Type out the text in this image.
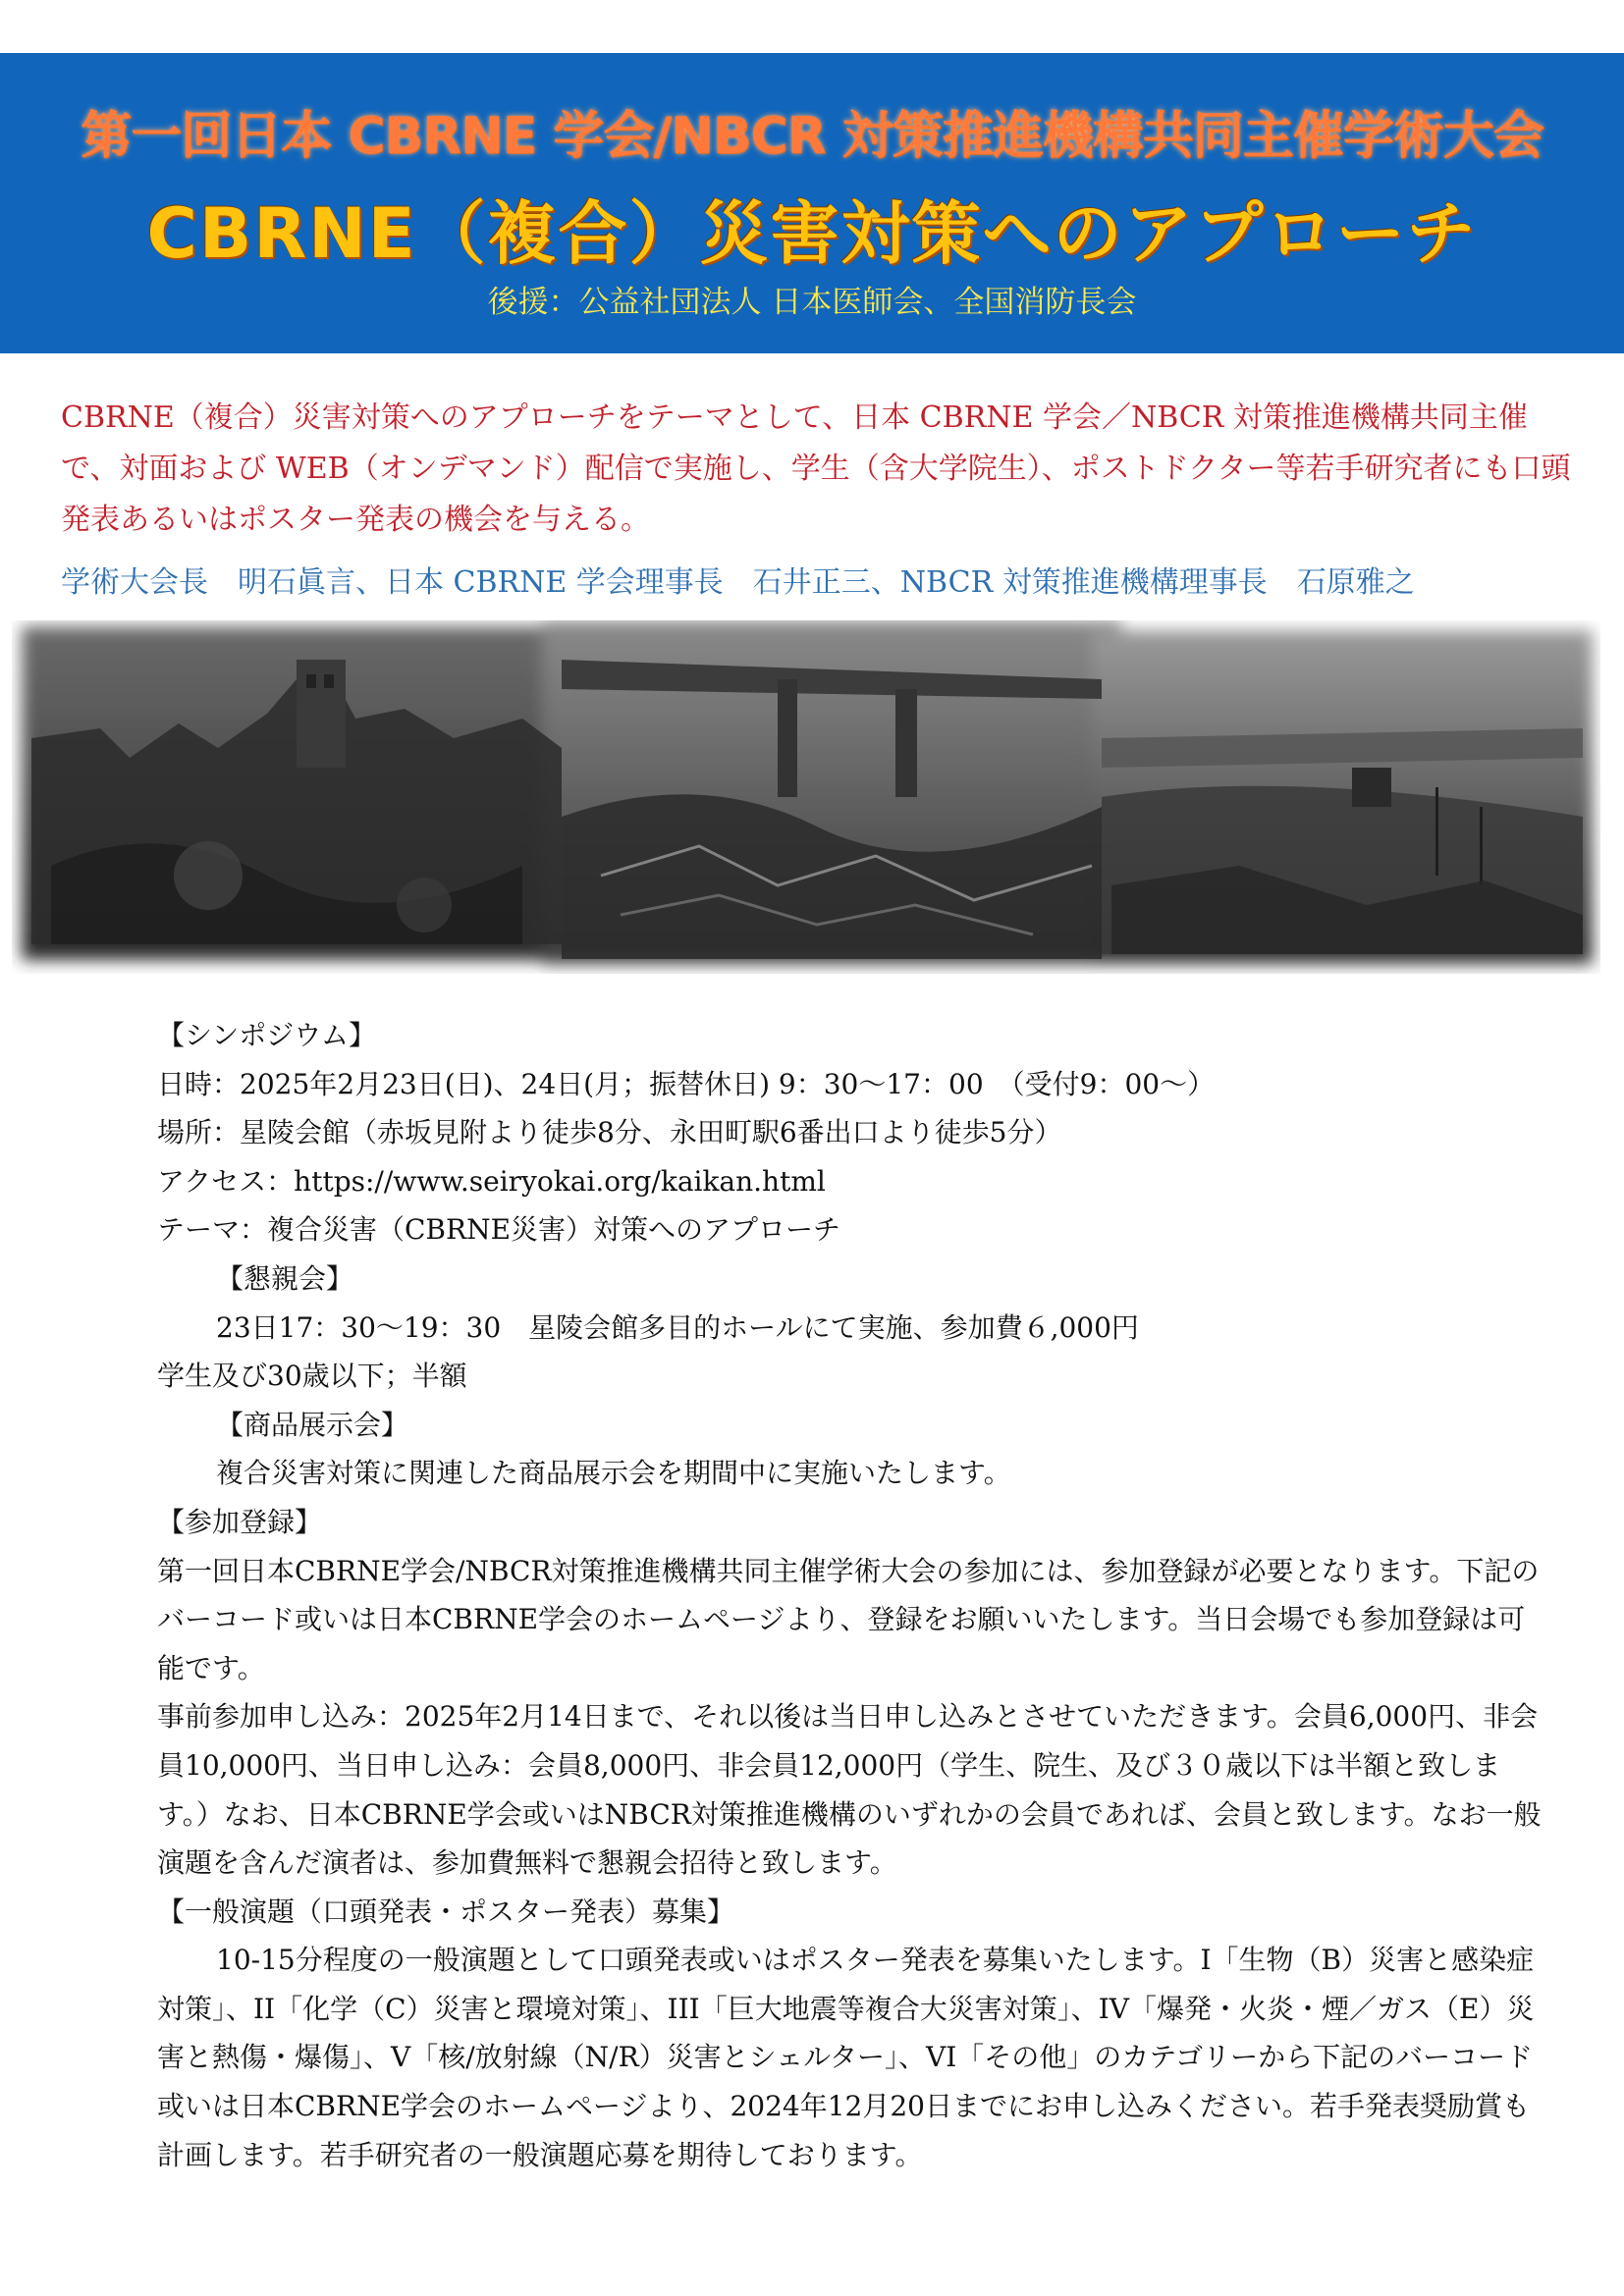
第一回日本 CBRNE 学会/NBCR 対策推進機構共同主催学術大会
CBRNE（複合）災害対策へのアプローチ
後援：公益社団法人 日本医師会、全国消防長会

CBRNE（複合）災害対策へのアプローチをテーマとして、日本 CBRNE 学会／NBCR 対策推進機構共同主催で、対面および WEB（オンデマンド）配信で実施し、学生（含大学院生）、ポストドクター等若手研究者にも口頭発表あるいはポスター発表の機会を与える。

学術大会長　明石眞言、日本 CBRNE 学会理事長　石井正三、NBCR 対策推進機構理事長　石原雅之
【シンポジウム】
日時：2025年2月23日(日)、24日(月；振替休日) 9：30～17：00　（受付9：00～）
場所：星陵会館（赤坂見附より徒歩8分、永田町駅6番出口より徒歩5分）
アクセス：https://www.seiryokai.org/kaikan.html
テーマ：複合災害（CBRNE災害）対策へのアプローチ
【懇親会】
23日17：30～19：30　星陵会館多目的ホールにて実施、参加費６,000円
学生及び30歳以下；半額
【商品展示会】
複合災害対策に関連した商品展示会を期間中に実施いたします。
【参加登録】
第一回日本CBRNE学会/NBCR対策推進機構共同主催学術大会の参加には、参加登録が必要となります。下記のバーコード或いは日本CBRNE学会のホームページより、登録をお願いいたします。当日会場でも参加登録は可能です。
事前参加申し込み：2025年2月14日まで、それ以後は当日申し込みとさせていただきます。会員6,000円、非会員10,000円、当日申し込み：会員8,000円、非会員12,000円（学生、院生、及び３０歳以下は半額と致します。）なお、日本CBRNE学会或いはNBCR対策推進機構のいずれかの会員であれば、会員と致します。なお一般演題を含んだ演者は、参加費無料で懇親会招待と致します。
【一般演題（口頭発表・ポスター発表）募集】
10‐15分程度の一般演題として口頭発表或いはポスター発表を募集いたします。I「生物（B）災害と感染症対策」、II「化学（C）災害と環境対策」、III「巨大地震等複合大災害対策」、IV「爆発・火炎・煙／ガス（E）災害と熱傷・爆傷」、V「核/放射線（N/R）災害とシェルター」、VI「その他」のカテゴリーから下記のバーコード或いは日本CBRNE学会のホームページより、2024年12月20日までにお申し込みください。若手発表奨励賞も計画します。若手研究者の一般演題応募を期待しております。
